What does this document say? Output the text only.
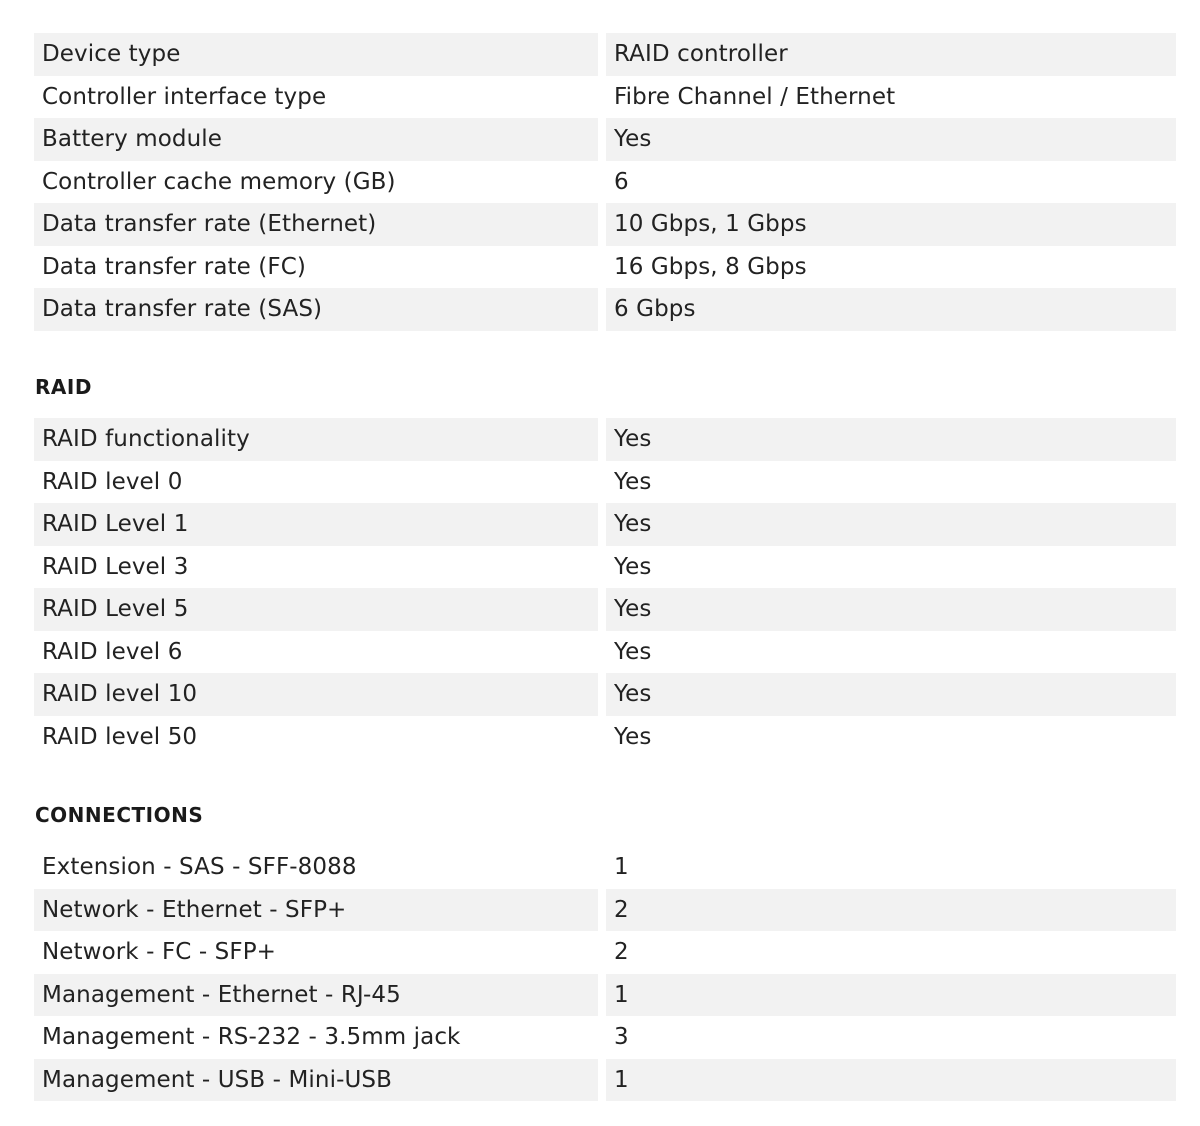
Device type	RAID controller
Controller interface type	Fibre Channel / Ethernet
Battery module	Yes
Controller cache memory (GB)	6
Data transfer rate (Ethernet)	10 Gbps, 1 Gbps
Data transfer rate (FC)	16 Gbps, 8 Gbps
Data transfer rate (SAS)	6 Gbps
RAID
RAID functionality	Yes
RAID level 0	Yes
RAID Level 1	Yes
RAID Level 3	Yes
RAID Level 5	Yes
RAID level 6	Yes
RAID level 10	Yes
RAID level 50	Yes
CONNECTIONS
Extension - SAS - SFF-8088	1
Network - Ethernet - SFP+	2
Network - FC - SFP+	2
Management - Ethernet - RJ-45	1
Management - RS-232 - 3.5mm jack	3
Management - USB - Mini-USB	1
